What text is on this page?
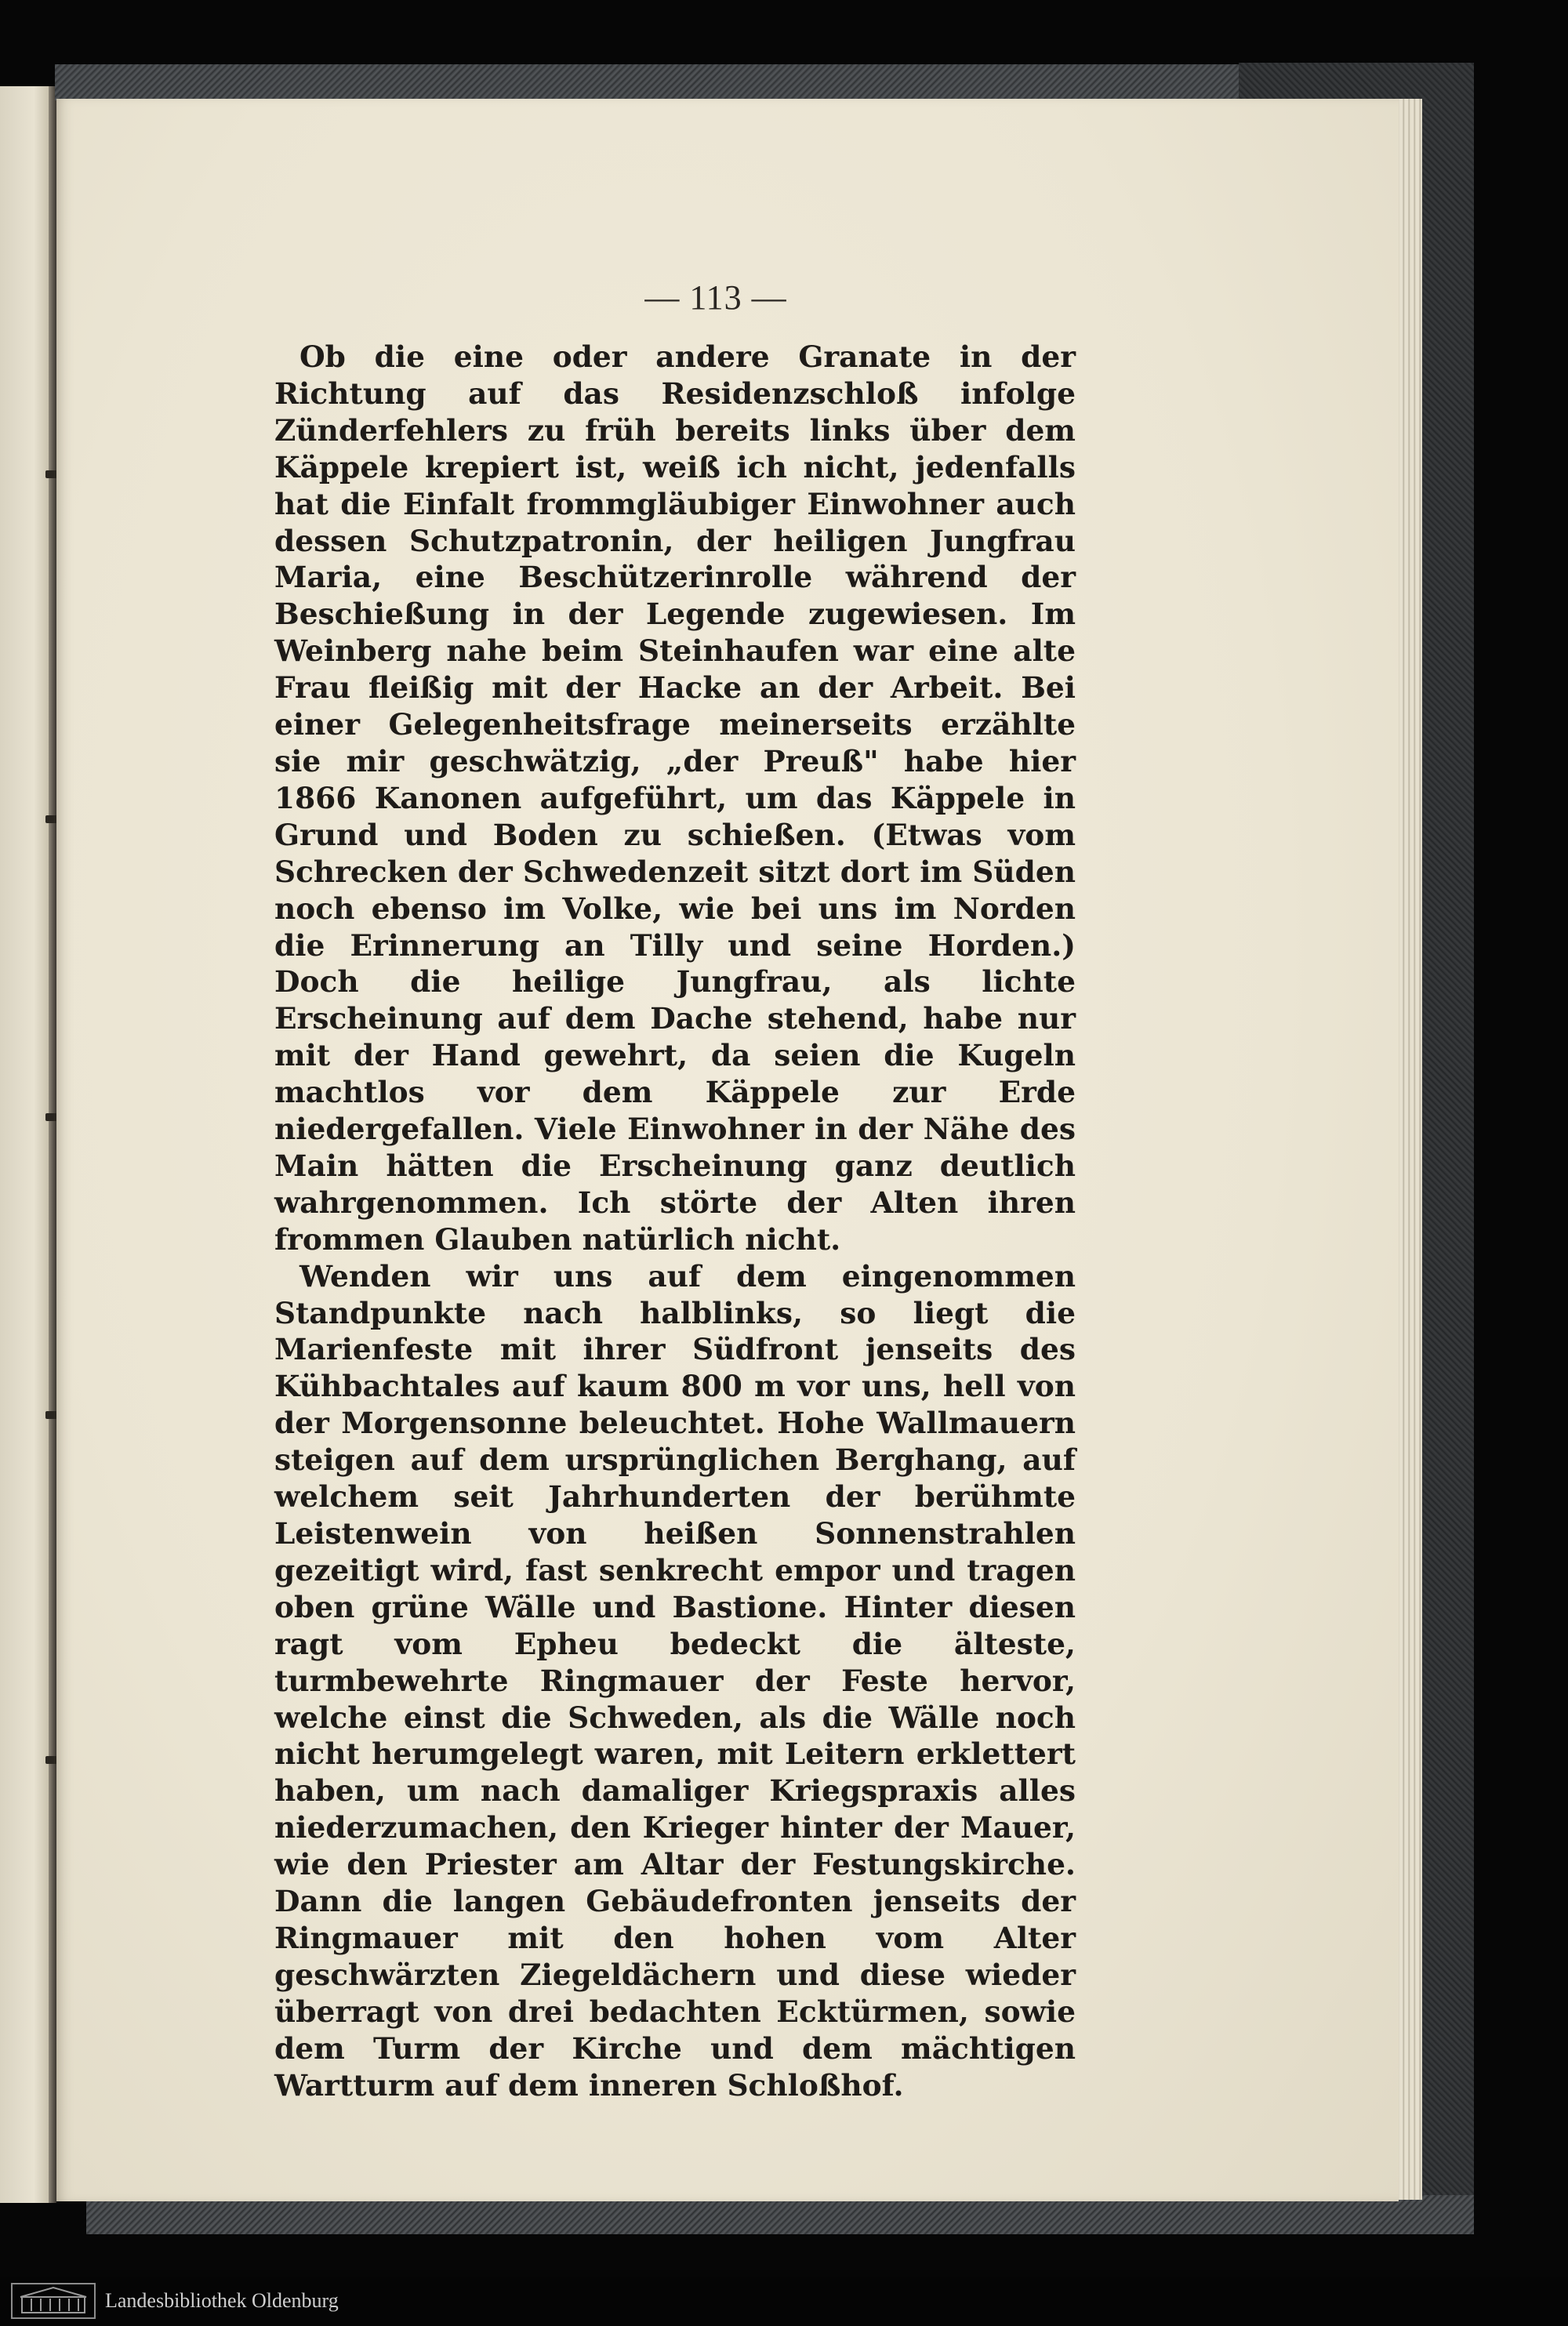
— 113 —

Ob die eine oder andere Granate in der Richtung auf das Residenzschloß infolge Zünderfehlers zu früh bereits links über dem Käppele krepiert ist, weiß ich nicht, jedenfalls hat die Einfalt frommgläubiger Einwohner auch dessen Schutzpatronin, der heiligen Jungfrau Maria, eine Beschützerinrolle während der Beschießung in der Legende zugewiesen. Im Weinberg nahe beim Steinhaufen war eine alte Frau fleißig mit der Hacke an der Arbeit. Bei einer Gelegenheitsfrage meinerseits erzählte sie mir geschwätzig, „der Preuß" habe hier 1866 Kanonen aufgeführt, um das Käppele in Grund und Boden zu schießen. (Etwas vom Schrecken der Schwedenzeit sitzt dort im Süden noch ebenso im Volke, wie bei uns im Norden die Erinnerung an Tilly und seine Horden.) Doch die heilige Jungfrau, als lichte Erscheinung auf dem Dache stehend, habe nur mit der Hand gewehrt, da seien die Kugeln machtlos vor dem Käppele zur Erde niedergefallen. Viele Einwohner in der Nähe des Main hätten die Erscheinung ganz deutlich wahrgenommen. Ich störte der Alten ihren frommen Glauben natürlich nicht.

Wenden wir uns auf dem eingenommen Standpunkte nach halblinks, so liegt die Marienfeste mit ihrer Südfront jenseits des Kühbachtales auf kaum 800 m vor uns, hell von der Morgensonne beleuchtet. Hohe Wallmauern steigen auf dem ursprünglichen Berghang, auf welchem seit Jahrhunderten der berühmte Leistenwein von heißen Sonnenstrahlen gezeitigt wird, fast senkrecht empor und tragen oben grüne Wälle und Bastione. Hinter diesen ragt vom Epheu bedeckt die älteste, turmbewehrte Ringmauer der Feste hervor, welche einst die Schweden, als die Wälle noch nicht herumgelegt waren, mit Leitern erklettert haben, um nach damaliger Kriegspraxis alles niederzumachen, den Krieger hinter der Mauer, wie den Priester am Altar der Festungskirche. Dann die langen Gebäudefronten jenseits der Ringmauer mit den hohen vom Alter geschwärzten Ziegeldächern und diese wieder überragt von drei bedachten Ecktürmen, sowie dem Turm der Kirche und dem mächtigen Wartturm auf dem inneren Schloßhof.

Landesbibliothek Oldenburg
